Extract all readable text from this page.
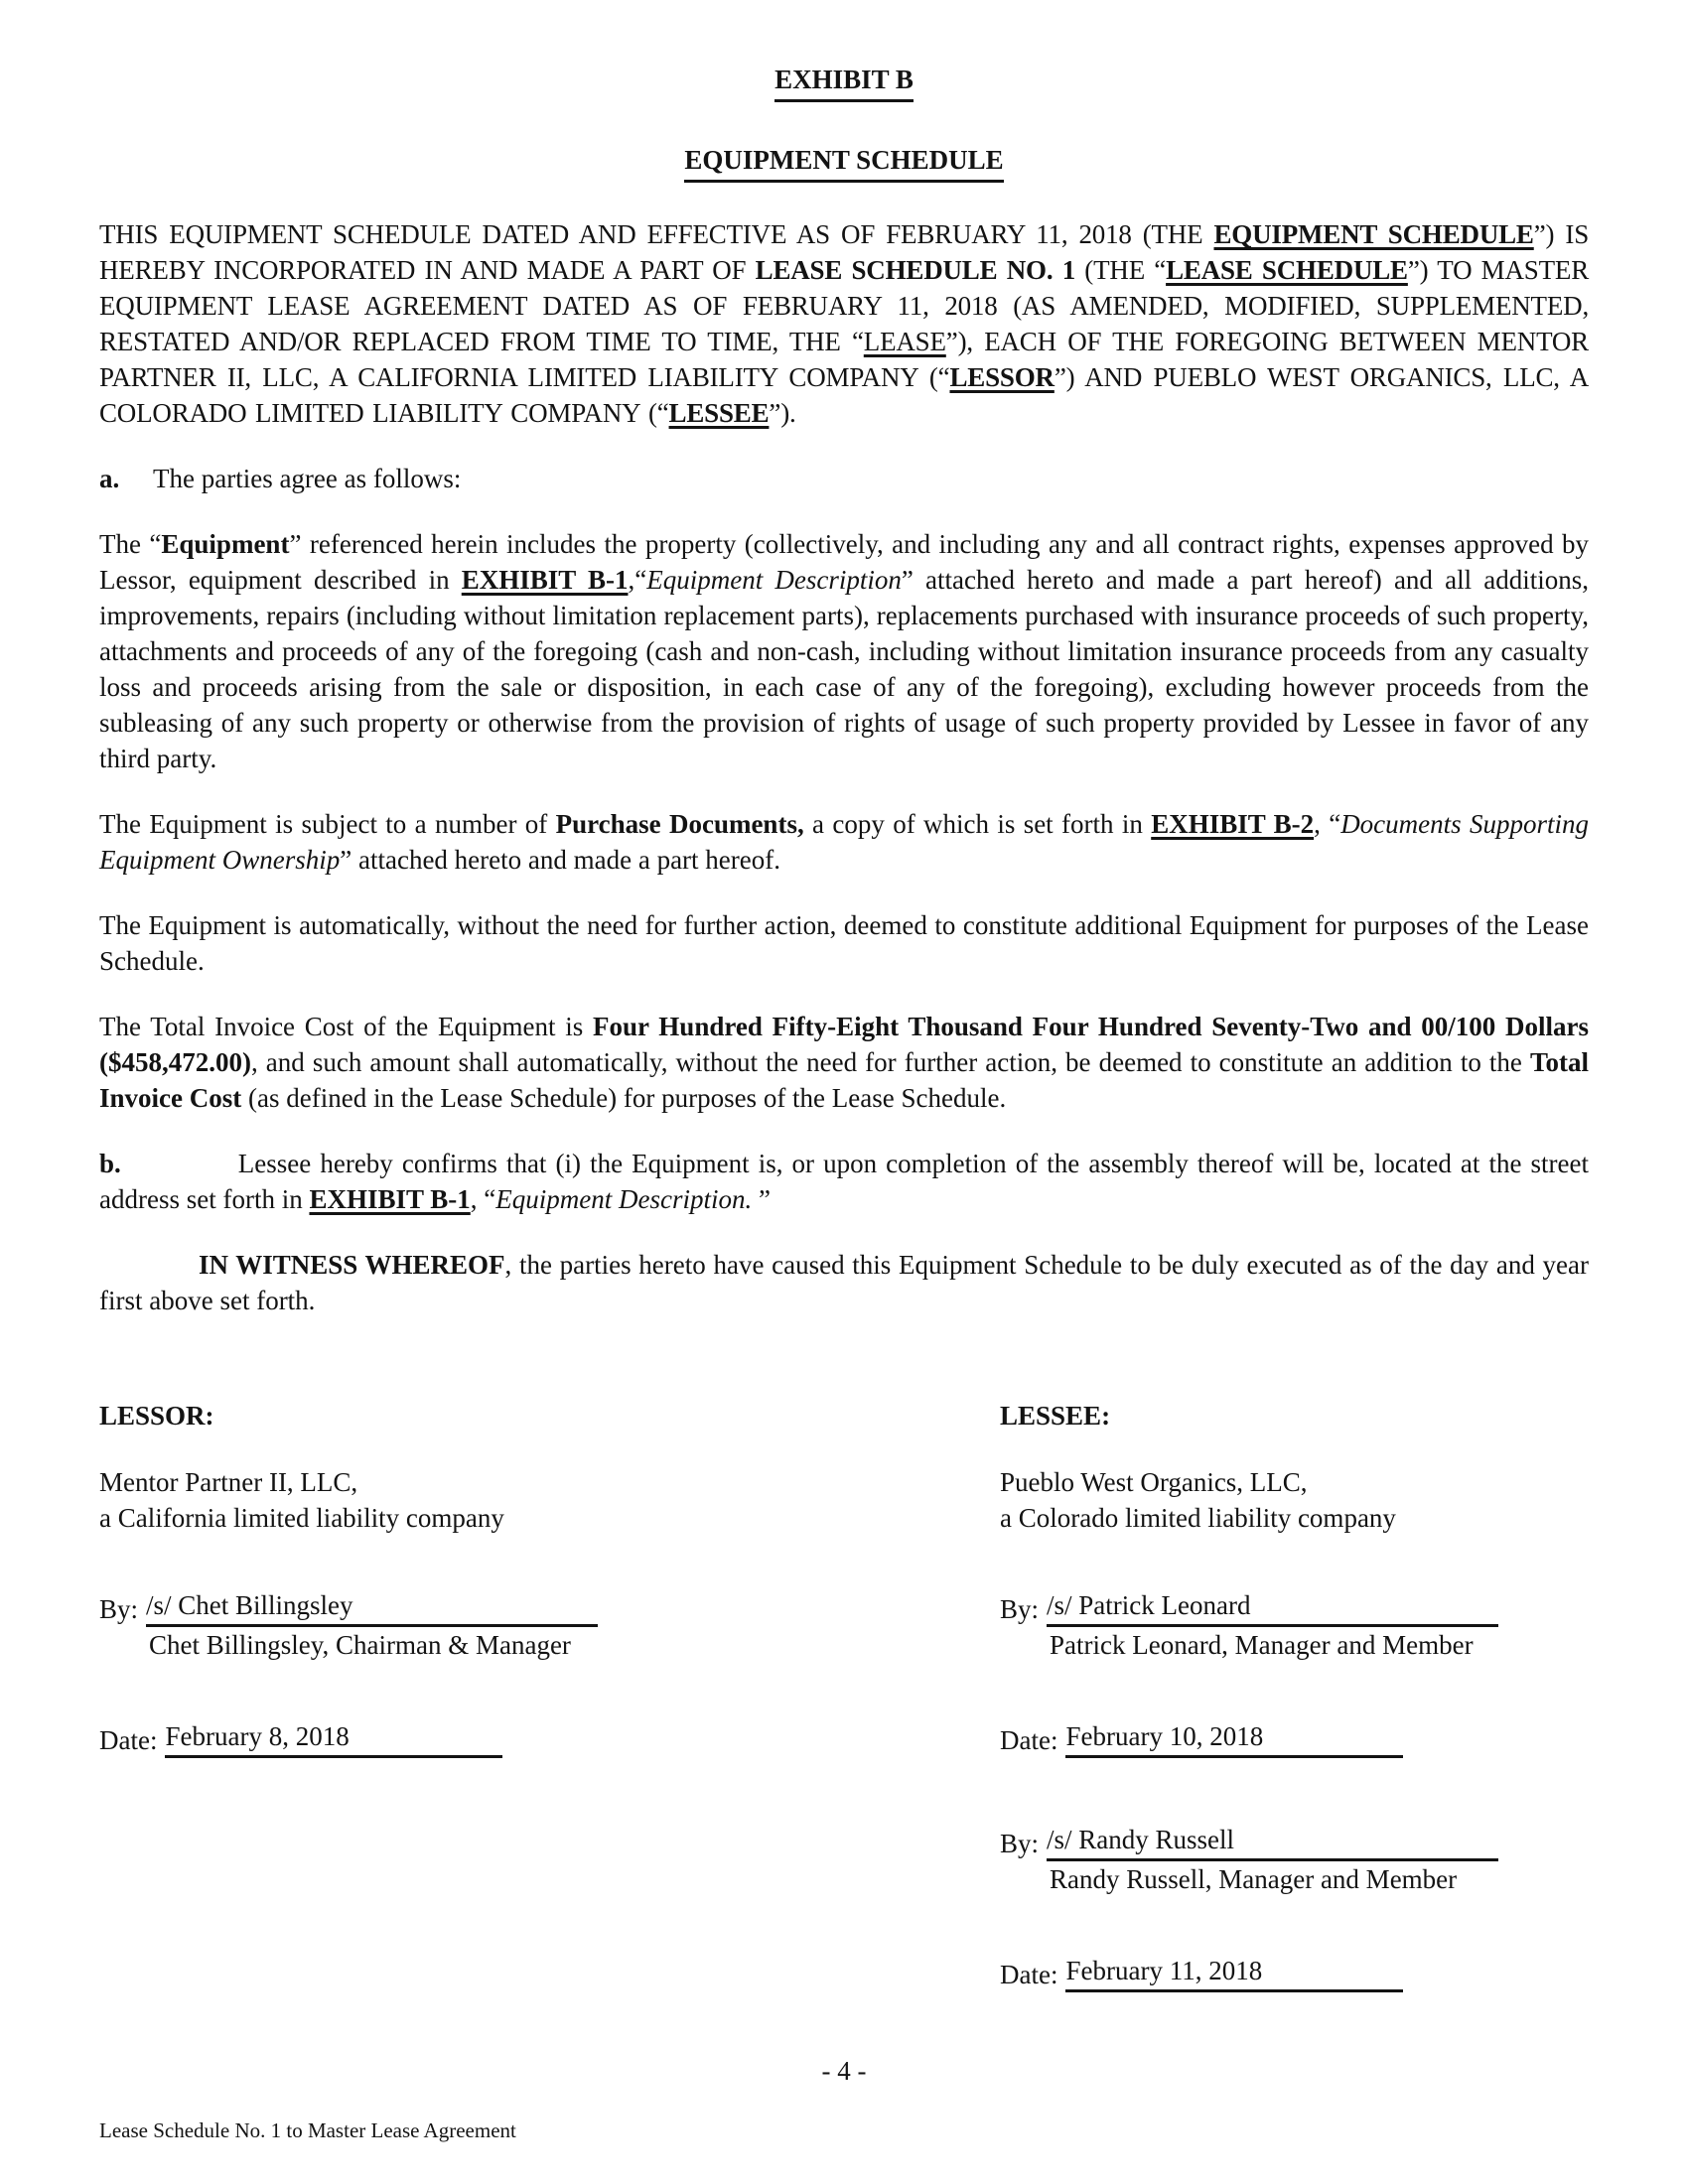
EXHIBIT B
EQUIPMENT SCHEDULE

THIS EQUIPMENT SCHEDULE DATED AND EFFECTIVE AS OF FEBRUARY 11, 2018 (THE EQUIPMENT SCHEDULE”) IS HEREBY INCORPORATED IN AND MADE A PART OF LEASE SCHEDULE NO. 1 (THE “LEASE SCHEDULE”) TO MASTER EQUIPMENT LEASE AGREEMENT DATED AS OF FEBRUARY 11, 2018 (AS AMENDED, MODIFIED, SUPPLEMENTED, RESTATED AND/OR REPLACED FROM TIME TO TIME, THE “LEASE”), EACH OF THE FOREGOING BETWEEN MENTOR PARTNER II, LLC, A CALIFORNIA LIMITED LIABILITY COMPANY (“LESSOR”) AND PUEBLO WEST ORGANICS, LLC, A COLORADO LIMITED LIABILITY COMPANY (“LESSEE”).

a.     The parties agree as follows:

The “Equipment” referenced herein includes the property (collectively, and including any and all contract rights, expenses approved by Lessor, equipment described in EXHIBIT B-1,“Equipment Description” attached hereto and made a part hereof) and all additions, improvements, repairs (including without limitation replacement parts), replacements purchased with insurance proceeds of such property, attachments and proceeds of any of the foregoing (cash and non-cash, including without limitation insurance proceeds from any casualty loss and proceeds arising from the sale or disposition, in each case of any of the foregoing), excluding however proceeds from the subleasing of any such property or otherwise from the provision of rights of usage of such property provided by Lessee in favor of any third party.

The Equipment is subject to a number of Purchase Documents, a copy of which is set forth in EXHIBIT B-2, “Documents Supporting Equipment Ownership” attached hereto and made a part hereof.

The Equipment is automatically, without the need for further action, deemed to constitute additional Equipment for purposes of the Lease Schedule.

The Total Invoice Cost of the Equipment is Four Hundred Fifty-Eight Thousand Four Hundred Seventy-Two and 00/100 Dollars ($458,472.00), and such amount shall automatically, without the need for further action, be deemed to constitute an addition to the Total Invoice Cost (as defined in the Lease Schedule) for purposes of the Lease Schedule.

b.             Lessee hereby confirms that (i) the Equipment is, or upon completion of the assembly thereof will be, located at the street address set forth in EXHIBIT B-1, “Equipment Description. ”

IN WITNESS WHEREOF, the parties hereto have caused this Equipment Schedule to be duly executed as of the day and year first above set forth.

LESSOR:
Mentor Partner II, LLC,
a California limited liability company
By: /s/ Chet Billingsley
Chet Billingsley, Chairman & Manager
Date: February 8, 2018
LESSEE:
Pueblo West Organics, LLC,
a Colorado limited liability company
By: /s/ Patrick Leonard
Patrick Leonard, Manager and Member
Date: February 10, 2018
By: /s/ Randy Russell
Randy Russell, Manager and Member
Date: February 11, 2018
- 4 -
Lease Schedule No. 1 to Master Lease Agreement
